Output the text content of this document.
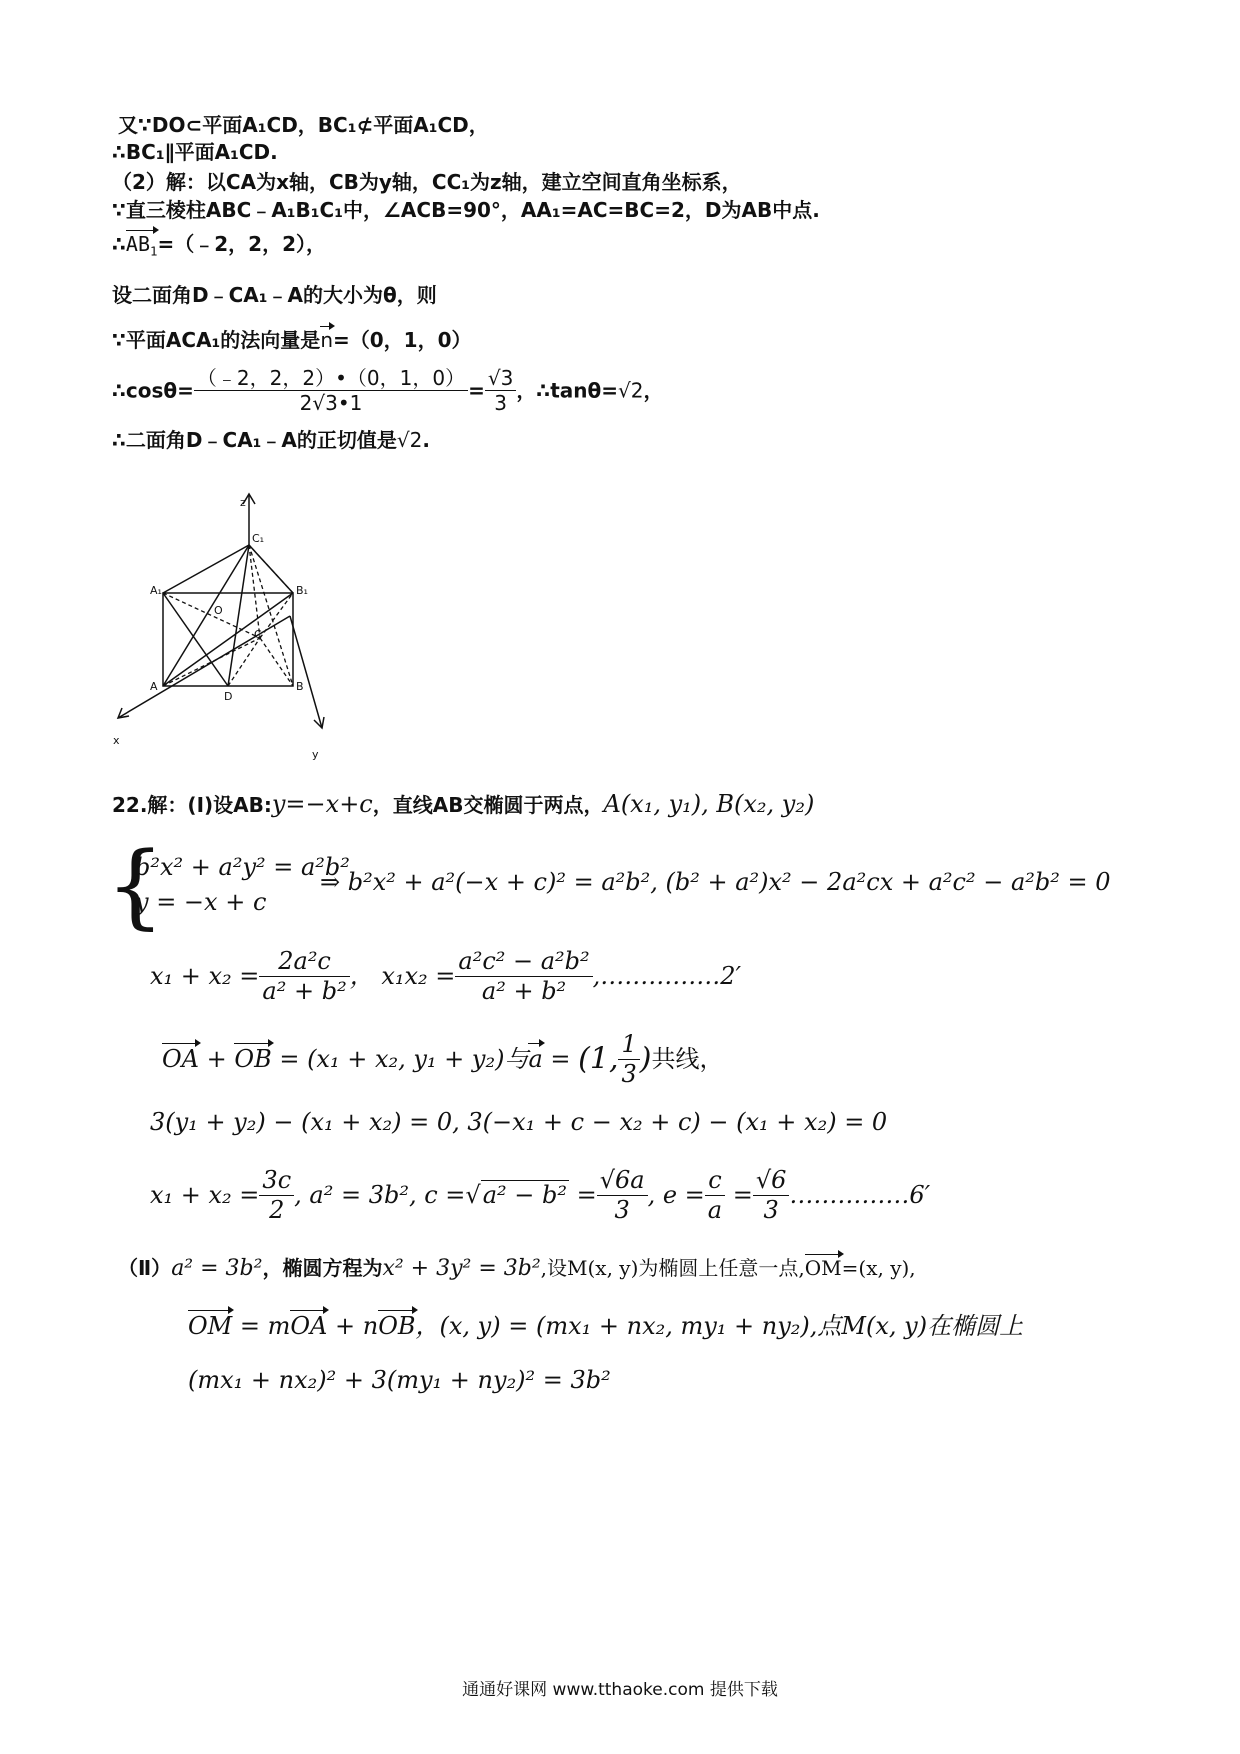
又∵DO⊂平面A₁CD，BC₁⊄平面A₁CD，
∴BC₁∥平面A₁CD.
（2）解：以CA为x轴，CB为y轴，CC₁为z轴，建立空间直角坐标系，
∵直三棱柱ABC﹣A₁B₁C₁中，∠ACB=90°，AA₁=AC=BC=2，D为AB中点.
$\therefore AB_1=(﹣2$，2，2），
设二面角D﹣CA₁﹣A的大小为θ，则
∵平面ACA₁的法向量是n=（0，1，0）
∴cosθ= $\frac{(﹣2,2,2)•(0,1,0)}{2√3•1} = \frac{√3}{3}$ ，∴tanθ=√2，
∴二面角D﹣CA₁﹣A的正切值是√2.
z
C₁
A₁	B₁
O
C
A	B
D
x
y
22.解：(I)设AB:y=−x+c，直线AB交椭圆于两点，A(x₁, y₁), B(x₂, y₂)
{
b²x² + a²y² = a²b²
y = −x + c
⇒ b²x² + a²(−x + c)² = a²b², (b² + a²)x² − 2a²cx + a²c² − a²b² = 0
$x_1 + x_2 = \frac{\text{2a²c}}{\text{a² + b²}}$ ， $x_1x_2 = \frac{\text{a²c² − a²b²}}{\text{a² + b²}}$ ,……………2′
OA + OB = (x₁ + x₂, y₁ + y₂)与a = (1, $\frac{1}{3}$ )共线，
3(y₁ + y₂) − (x₁ + x₂) = 0, 3(−x₁ + c − x₂ + c) − (x₁ + x₂) = 0
$x_1 + x_2 = \frac{3c}{2}$ , a² = 3b², $c =√a^2 - b^2 = \frac{√6a}{3}$ , $e = \frac{c}{a} = \frac{√6}{3}$ ……………6′
（Ⅱ）a² = 3b²，椭圆方程为x² + 3y² = 3b²,设M(x, y)为椭圆上任意一点,OM=(x, y),
OM = mOA + nOB，(x, y) = (mx₁ + nx₂, my₁ + ny₂),点M(x, y)在椭圆上
(mx₁ + nx₂)² + 3(my₁ + ny₂)² = 3b²
通通好课网 www.tthaoke.com 提供下载
